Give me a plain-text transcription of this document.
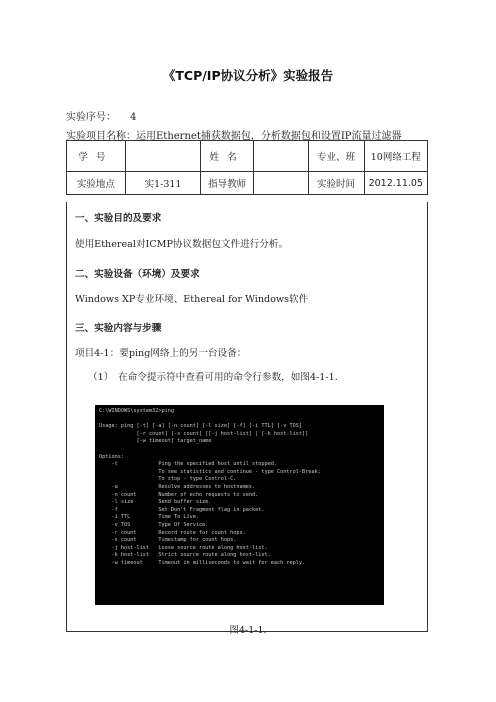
《TCP/IP协议分析》实验报告
实验序号： 4
实验项目名称：运用Ethernet捕获数据包，分析数据包和设置IP流量过滤器
学号		姓名		专业、班	10网络工程
实验地点	实1-311	指导教师		实验时间	2012.11.05
一、实验目的及要求
使用Ethereal对ICMP协议数据包文件进行分析。
二、实验设备（环境）及要求
Windows XP专业环境、Ethereal for Windows软件
三、实验内容与步骤
项目4-1：要ping网络上的另一台设备：
（1）　在命令提示符中查看可用的命令行参数，如图4-1-1.
C:\WINDOWS\system32>ping
Usage: ping [-t] [-a] [-n count] [-l size] [-f] [-i TTL] [-v TOS]
[-r count] [-s count] [[-j host-list] | [-k host-list]]
[-w timeout] target_name
Options:
-t             Ping the specified host until stopped.
To see statistics and continue - type Control-Break;
To stop - type Control-C.
-a             Resolve addresses to hostnames.
-n count       Number of echo requests to send.
-l size        Send buffer size.
-f             Set Don't Fragment flag in packet.
-i TTL         Time To Live.
-v TOS         Type Of Service.
-r count       Record route for count hops.
-s count       Timestamp for count hops.
-j host-list   Loose source route along host-list.
-k host-list   Strict source route along host-list.
-w timeout     Timeout in milliseconds to wait for each reply.
图4-1-1.
